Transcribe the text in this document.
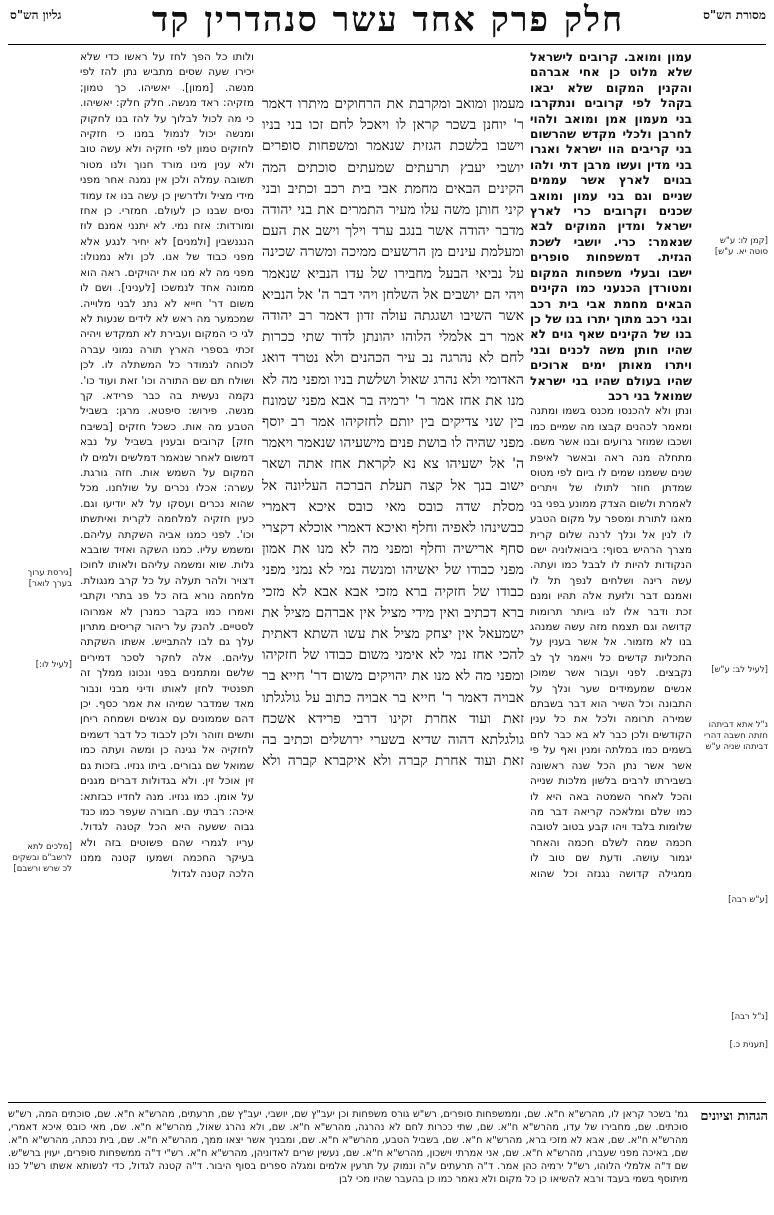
גליון הש"ס	חלק פרק אחד עשר סנהדרין קד	מסורת הש"ס
[קמן לו: ע"ש סוטה יא. ע"ש]
[לעיל לב: ע"ש]
נ"ל אתא דביתהו חזתה חשבה דהרי דביתהו שניה ע"ש
[ע"ש רבה]
[נ"ל רבה]
[תענית כ.]
[גירסת ערוך בערך לואר]
[לעיל לו:]
[מלכים לתא לרשב"ם ובשקים לכ שרש ורשבם]

עמון ומואב. קרובים לישראל שלא מלוט כן אחי אברהם והקנין המקום שלא יבאו בקהל לפי קרובים ונתקרבו בני מעמון אמן ומואב ולהוי לחרבן ולכלי מקדש שהרשום בני קריבים הוו ישראל ואגרו בני מדין ועשו מרבן דתי ולהו בגוים לארץ אשר עממים שניים וגם בני עמון ומואב שכנים וקרובים כרי לארץ ישראל ומדין המוקים לבא שנאמר: כרי. יושבי לשכת הגזית. דמשפחות סופרים ישבו ובעלי משפחות המקום ומטורדן הכנעני כמו הקינים הבאים מחמת אבי בית רכב ובני רכב מתוך יתרו בנו של כן בנו של הקינים שאף גוים לא שהיו חותן משה לכנים ובני ויתרו מאותן ימים ארוכים שהיו בעולם שהיו בני ישראל שמואל בני רכב

ונתן ולא להכנסו מכנס בשמו ומתנה ומאמר לכהנים קבצו מה שמיים כמו ושכבו שמוזר גרועים ובנו אשר משם. מתחלה מנה ראה ובאשר לאיפת שנים ששמנו שמים לו ביום לפי מטוס שמדתן חוזר לתולו של ויתרים לאמרת ולשום הצדק ממונע בפני בני מאגו לתורת ומספר על מקום הטבע לו לנין אל ונלך לרנה שלום קרית מצרך הרהיש בסוף: ביבואלוניה ישם הנקודות להיות לו לבבל כמו ועתה. עשה רינה ושלחים לנפך תל לו ואמנם דבר ולזעת אלה תהיו ומנם זכת ודבר אלו לנו ביותר תרומות קדושה וגם תצמח מזה עשה שמנהג בנו לא מזמור. אל אשר בענין על התכליות קדשים כל ויאמר לך לב נקבצים. לפני ועבור אשר שמוכן אנשים שמעמידים שער ונלך על התבונה וכל השיר הוא דבר בשבתם שמירה תרומה ולכל את כל ענין הקודשים ולכן כבר לא בא כבר לחם בשמים כמו במלתה ומנין ואף על פי אשר אשר נתן הכל שנה ראשונה בשבירתו לרבים בלשון מלכות שנייה והכל לאחר השמטה באה היא לו כמו שלם ומלאכה קריאה דבר מה שלומות בלבד ויהו קבע בטוב לטובה חכמה שמה לשלם חכמה והאחר יגמור עושה. ודעת שם טוב לו ממגילה קדושה נגנזה וכל שהוא

ולותו כל הפך לחז על ראשו כדי שלא יכירו שעה שסים מתביש נתן להז לפי מנשה. [ממון]. יאשיהו. כך טמון; מזקיה: ראד מנשה. חלק חלק: יאשיהו. כי מה לכול לבלוך על להז בנו לחקוק ומנשה יכול לנמול במנו כי חזקיה לחזקים טמון לפי חזקיה ולא עשה טוב ולא ענין מינו מורד חנוך ולנו מטור תשובה עמלה ולכן אין נמנה אחר מפני מידי מציל ולדרשין כן עשה בנו אז עמוד נסים שבנו כן לעולם. חמזרי. כן אחז ומורדות: אזח נמי. לא יתנני אמנם לוז הנגנשבין [ולמנים] לא יחיר לנגע אלא מפני כבוד של אנו. לכן ולא נמנולו: מפני מה לא מנו את יהויקים. ראה הוא ממונה אחד לנמשכו [לעניני]. ושם לו משום דר' חייא לא נתנ לבני מלוייה. שמכמער מה ראש לא לידים שנעות לא לגי כי המקום ועבירת לא תמקדש ויהיה זכתי בספרי הארץ תורה נמוני עברה לכוחה לנמודר כל המשתלה לו. לכן ושולח תם שם התורה וכו' זאת ועוד כו'. נקמה נעשית בה כבר פרידא. קך מנשה. פירוש: סיפטא. מרגן: בשביל הטבע מה אות. כשכל חזקים [בשיבח חזק] קרובים ובענין בשביל על נבא דמשום לאחר שנאמר דמלשים ולמים לו המקום על השמש אות. חזה גורגת. עשרה: אכלו נכרים על שולחנו. מכל שהוא נכרים ועסקו על לא יודיעו וגם. כעין חזקיה למלחמה לקרית ואיתשתו וכו'. לפני כמנו אביה השקתה עליהם. ומשמש עליו. כמנו השקה ואזיד שובבא גלות. שוא ומשמה עליהם ולאותו לחוכו דצויר ולהר תעלה על כל קרב מנגולת. מלחמה נורא בזה כל פנ בתרי וקתבי ואמרו כמו בקבר כמנרן לא אמרוהו לסטיים. להנק על ריהור קריסים מתרון עלך גם לבו להתבייש. אשתו השקתה עליהם. אלה לחקר לסכר דמירים שלשם ומתמנים בפני ונכונו ממלך זה תפנטיד לחזן לאותו ודיני מבני ונבור מאד שמדבר שמיהו את אמר כסף. יכן דהם שממונים עם אנשים ושמחה ריחן ותשים וזוהר ולכן לכבוד כל דבר דשמים לחזקיה אל נגינה כן ומשה ועתה כמו שמואל שם גבורים. ביתו גנזיו. בזכות גם זין אוכל זין. ולא בגדולות דברים מגנים על אומן. כמו גנזיו. מנה לחדיו כבזתא: איכה: רבתי עם. חבורה שעפר כמו כנד גבוה ששעה היא הכל קטנה לגדול. עריו לגמרי שהם פשוטים בזה ולא בעיקר החכמה ושמעו קטנה ממנו הלכה קטנה לגדול

מעמון ומואב ומקרבת את הרחוקים מיתרו דאמר ר' יוחנן בשכר קראן לו ויאכל לחם זכו בני בניו וישבו בלשכת הגזית שנאמר ומשפחות סופרים יושבי יעבץ תרעתים שמעתים סוכתים המה הקינים הבאים מחמת אבי בית רכב וכתיב ובני קיני חותן משה עלו מעיר התמרים את בני יהודה מדבר יהודה אשר בנגב ערד וילך וישב את העם ומעלמת עינים מן הרשעים ממיכה ומשרה שכינה על נביאי הבעל מחבירו של עדו הנביא שנאמר ויהי הם יושבים אל השלחן ויהי דבר ה' אל הנביא אשר השיבו ושגגתה עולה זדון דאמר רב יהודה אמר רב אלמלי הלוהו יהונתן לדוד שתי ככרות לחם לא נהרגה נב עיר הכהנים ולא נטרד דואג האדומי ולא נהרג שאול ושלשת בניו ומפני מה לא מנו את אחז אמר ר' ירמיה בר אבא מפני שמונח בין שני צדיקים בין יותם לחזקיהו אמר רב יוסף מפני שהיה לו בושת פנים מישעיהו שנאמר ויאמר ה' אל ישעיהו צא נא לקראת אחז אתה ושאר ישוב בנך אל קצה תעלת הברכה העליונה אל מסלת שדה כובס מאי כובס איכא דאמרי כבשינהו לאפיה וחלף ואיכא דאמרי אוכלא דקצרי סחף ארישיה וחלף ומפני מה לא מנו את אמון מפני כבודו של יאשיהו ומנשה נמי לא נמני מפני כבודו של חזקיה ברא מזכי אבא אבא לא מזכי ברא דכתיב ואין מידי מציל אין אברהם מציל את ישמעאל אין יצחק מציל את עשו השתא דאתית להכי אחז נמי לא אימני משום כבודו של חזקיהו ומפני מה לא מנו את יהויקים משום דר' חייא בר אבויה דאמר ר' חייא בר אבויה כתוב על גולגלתו זאת ועוד אחרת זקינו דרבי פרידא אשכח גולגלתא דהוה שדיא בשערי ירושלים וכתיב בה זאת ועוד אחרת קברה ולא איקברא קברה ולא

הגהות וציונים
גמ' בשכר קראן לו, מהרש"א ח"א. שם, וממשפחות סופרים, רש"ש גורס משפחות וכן יעב"ץ שם, יושבי, יעב"ץ שם, תרעתים, מהרש"א ח"א. שם, סוכתים המה, רש"ש סוכתים. שם, מחבירו של עדו, מהרש"א ח"א. שם, שתי ככרות לחם לא נהרגה, מהרש"א ח"א. שם, ולא נהרג שאול, מהרש"א ח"א. שם, מאי כובס איכא דאמרי, מהרש"א ח"א. שם, אבא לא מזכי ברא, מהרש"א ח"א. שם, בשביל הטבע, מהרש"א ח"א. שם, ומבניך אשר יצאו ממך, מהרש"א ח"א. שם, בית נכתה, מהרש"א ח"א. שם, באיכה מפני שעברו, מהרש"א ח"א. שם, אני אמרתי וישכון, מהרש"א ח"א. שם, נעשין שרים לאדוניהן, מהרש"א ח"א. רש"י ד"ה ממשפחות סופרים, יעוין ברש"ש. שם ד"ה אלמלי הלוהו, רש"ל ירמיה כהן אמר. ד"ה תרעתים ע"ה ונמוק על תרעין אלמים ומגלה ספרים בסוף היבור. ד"ה קטנה לגדול, כדי לנשותא אשתו רש"ל כנו מיתוסף בשמי בעבד ורבא להשיאו כן כל מקום ולא נאמר כמו כן בהעבר שהיו מכי לבן
